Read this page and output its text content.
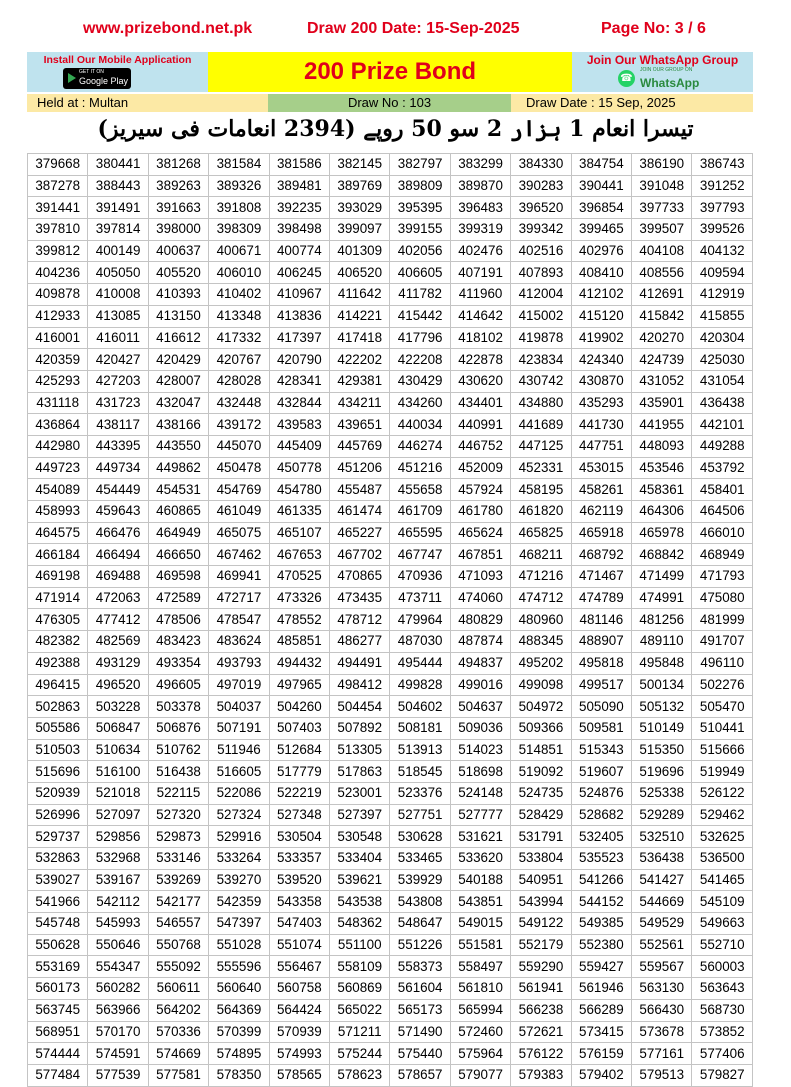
www.prizebond.net.pk	Draw 200 Date: 15-Sep-2025	Page No: 3 / 6
Install Our Mobile Application
GET IT ON
Google Play	200 Prize Bond	Join Our WhatsApp Group
☎
JOIN OUR GROUP ON
WhatsApp
Held at : Multan	Draw No : 103	Draw Date : 15 Sep, 2025
تیسرا انعام 1 ہزار 2 سو 50 روپے (2394 انعامات فی سیریز)
379668	380441	381268	381584	381586	382145	382797	383299	384330	384754	386190	386743
387278	388443	389263	389326	389481	389769	389809	389870	390283	390441	391048	391252
391441	391491	391663	391808	392235	393029	395395	396483	396520	396854	397733	397793
397810	397814	398000	398309	398498	399097	399155	399319	399342	399465	399507	399526
399812	400149	400637	400671	400774	401309	402056	402476	402516	402976	404108	404132
404236	405050	405520	406010	406245	406520	406605	407191	407893	408410	408556	409594
409878	410008	410393	410402	410967	411642	411782	411960	412004	412102	412691	412919
412933	413085	413150	413348	413836	414221	415442	414642	415002	415120	415842	415855
416001	416011	416612	417332	417397	417418	417796	418102	419878	419902	420270	420304
420359	420427	420429	420767	420790	422202	422208	422878	423834	424340	424739	425030
425293	427203	428007	428028	428341	429381	430429	430620	430742	430870	431052	431054
431118	431723	432047	432448	432844	434211	434260	434401	434880	435293	435901	436438
436864	438117	438166	439172	439583	439651	440034	440991	441689	441730	441955	442101
442980	443395	443550	445070	445409	445769	446274	446752	447125	447751	448093	449288
449723	449734	449862	450478	450778	451206	451216	452009	452331	453015	453546	453792
454089	454449	454531	454769	454780	455487	455658	457924	458195	458261	458361	458401
458993	459643	460865	461049	461335	461474	461709	461780	461820	462119	464306	464506
464575	466476	464949	465075	465107	465227	465595	465624	465825	465918	465978	466010
466184	466494	466650	467462	467653	467702	467747	467851	468211	468792	468842	468949
469198	469488	469598	469941	470525	470865	470936	471093	471216	471467	471499	471793
471914	472063	472589	472717	473326	473435	473711	474060	474712	474789	474991	475080
476305	477412	478506	478547	478552	478712	479964	480829	480960	481146	481256	481999
482382	482569	483423	483624	485851	486277	487030	487874	488345	488907	489110	491707
492388	493129	493354	493793	494432	494491	495444	494837	495202	495818	495848	496110
496415	496520	496605	497019	497965	498412	499828	499016	499098	499517	500134	502276
502863	503228	503378	504037	504260	504454	504602	504637	504972	505090	505132	505470
505586	506847	506876	507191	507403	507892	508181	509036	509366	509581	510149	510441
510503	510634	510762	511946	512684	513305	513913	514023	514851	515343	515350	515666
515696	516100	516438	516605	517779	517863	518545	518698	519092	519607	519696	519949
520939	521018	522115	522086	522219	523001	523376	524148	524735	524876	525338	526122
526996	527097	527320	527324	527348	527397	527751	527777	528429	528682	529289	529462
529737	529856	529873	529916	530504	530548	530628	531621	531791	532405	532510	532625
532863	532968	533146	533264	533357	533404	533465	533620	533804	535523	536438	536500
539027	539167	539269	539270	539520	539621	539929	540188	540951	541266	541427	541465
541966	542112	542177	542359	543358	543538	543808	543851	543994	544152	544669	545109
545748	545993	546557	547397	547403	548362	548647	549015	549122	549385	549529	549663
550628	550646	550768	551028	551074	551100	551226	551581	552179	552380	552561	552710
553169	554347	555092	555596	556467	558109	558373	558497	559290	559427	559567	560003
560173	560282	560611	560640	560758	560869	561604	561810	561941	561946	563130	563643
563745	563966	564202	564369	564424	565022	565173	565994	566238	566289	566430	568730
568951	570170	570336	570399	570939	571211	571490	572460	572621	573415	573678	573852
574444	574591	574669	574895	574993	575244	575440	575964	576122	576159	577161	577406
577484	577539	577581	578350	578565	578623	578657	579077	579383	579402	579513	579827
